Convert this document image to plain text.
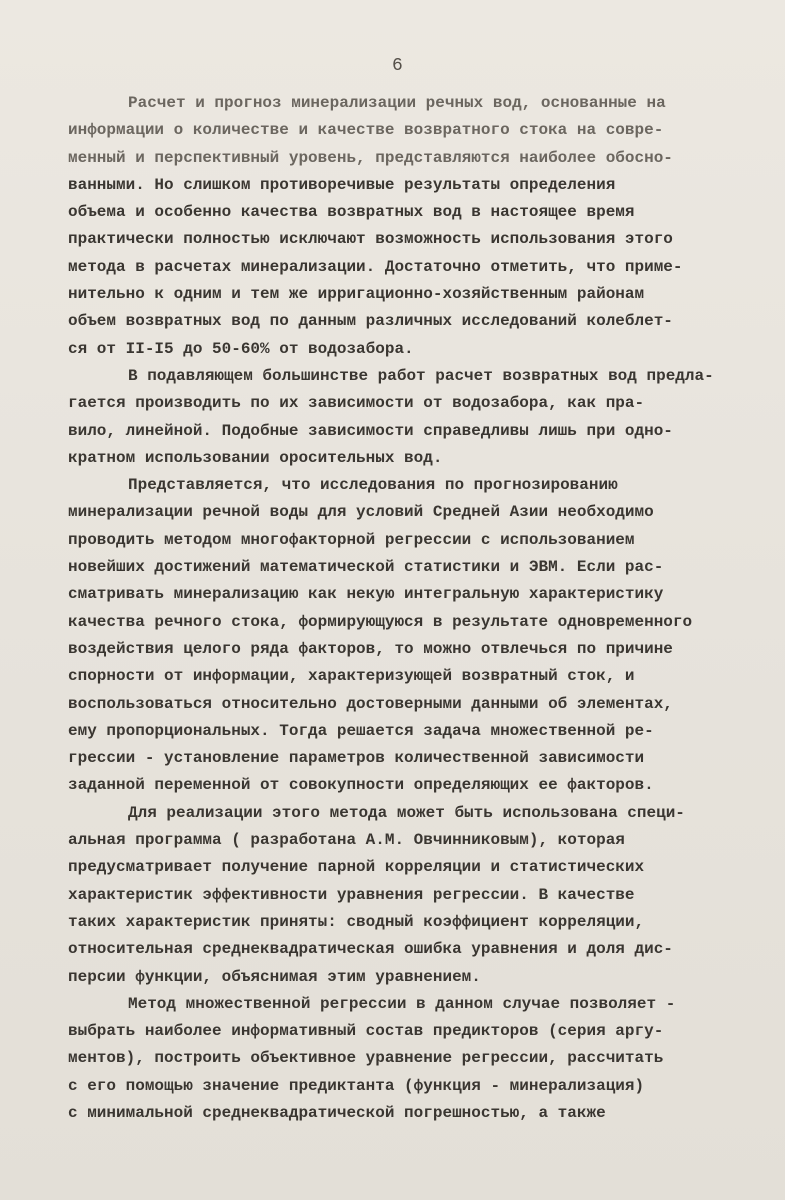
6
Расчет и прогноз минерализации речных вод, основанные на
информации о количестве и качестве возвратного стока на совре-
менный и перспективный уровень, представляются наиболее обосно-
ванными. Но слишком противоречивые результаты определения
объема и особенно качества возвратных вод в настоящее время
практически полностью исключают возможность использования этого
метода в расчетах минерализации. Достаточно отметить, что приме-
нительно к одним и тем же ирригационно-хозяйственным районам
объем возвратных вод по данным различных исследований колеблет-
ся от II-I5 до 50-60% от водозабора.
В подавляющем большинстве работ расчет возвратных вод предла-
гается производить по их зависимости от водозабора, как пра-
вило, линейной. Подобные зависимости справедливы лишь при одно-
кратном использовании оросительных вод.
Представляется, что исследования по прогнозированию
минерализации речной воды для условий Средней Азии необходимо
проводить методом многофакторной регрессии с использованием
новейших достижений математической статистики и ЭВМ. Если рас-
сматривать минерализацию как некую интегральную характеристику
качества речного стока, формирующуюся в результате одновременного
воздействия целого ряда факторов, то можно отвлечься по причине
спорности от информации, характеризующей возвратный сток, и
воспользоваться относительно достоверными данными об элементах,
ему пропорциональных. Тогда решается задача множественной ре-
грессии - установление параметров количественной зависимости
заданной переменной от совокупности определяющих ее факторов.
Для реализации этого метода может быть использована специ-
альная программа ( разработана А.М. Овчинниковым), которая
предусматривает получение парной корреляции и статистических
характеристик эффективности уравнения регрессии. В качестве
таких характеристик приняты: сводный коэффициент корреляции,
относительная среднеквадратическая ошибка уравнения и доля дис-
персии функции, объяснимая этим уравнением.
Метод множественной регрессии в данном случае позволяет -
выбрать наиболее информативный состав предикторов (серия аргу-
ментов), построить объективное уравнение регрессии, рассчитать
с его помощью значение предиктанта (функция - минерализация)
с минимальной среднеквадратической погрешностью, а также
